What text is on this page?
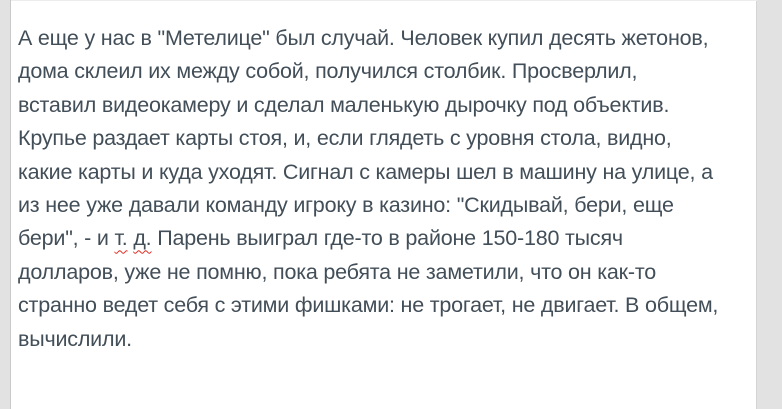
А еще у нас в "Метелице" был случай. Человек купил десять жетонов,
дома склеил их между собой, получился столбик. Просверлил,
вставил видеокамеру и сделал маленькую дырочку под объектив.
Крупье раздает карты стоя, и, если глядеть с уровня стола, видно,
какие карты и куда уходят. Сигнал с камеры шел в машину на улице, а
из нее уже давали команду игроку в казино: "Скидывай, бери, еще
бери", - и т. д. Парень выиграл где-то в районе 150-180 тысяч
долларов, уже не помню, пока ребята не заметили, что он как-то
странно ведет себя с этими фишками: не трогает, не двигает. В общем,
вычислили.
